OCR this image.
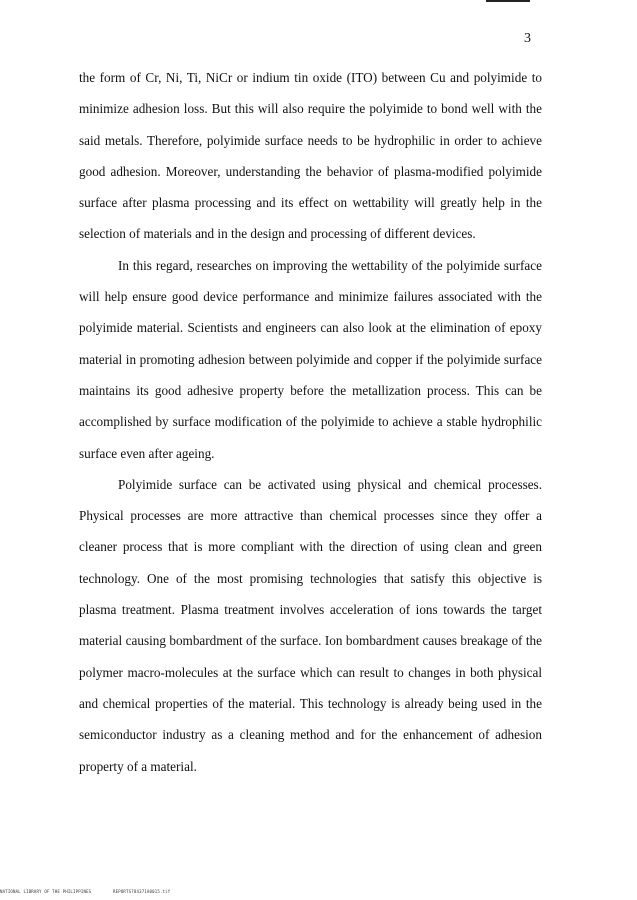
3

the form of Cr, Ni, Ti, NiCr or indium tin oxide (ITO) between Cu and polyimide to minimize adhesion loss. But this will also require the polyimide to bond well with the said metals. Therefore, polyimide surface needs to be hydrophilic in order to achieve good adhesion. Moreover, understanding the behavior of plasma-modified polyimide surface after plasma processing and its effect on wettability will greatly help in the selection of materials and in the design and processing of different devices.

In this regard, researches on improving the wettability of the polyimide surface will help ensure good device performance and minimize failures associated with the polyimide material. Scientists and engineers can also look at the elimination of epoxy material in promoting adhesion between polyimide and copper if the polyimide surface maintains its good adhesive property before the metallization process. This can be accomplished by surface modification of the polyimide to achieve a stable hydrophilic surface even after ageing.

Polyimide surface can be activated using physical and chemical processes. Physical processes are more attractive than chemical processes since they offer a cleaner process that is more compliant with the direction of using clean and green technology. One of the most promising technologies that satisfy this objective is plasma treatment. Plasma treatment involves acceleration of ions towards the target material causing bombardment of the surface. Ion bombardment causes breakage of the polymer macro-molecules at the surface which can result to changes in both physical and chemical properties of the material. This technology is already being used in the semiconductor industry as a cleaning method and for the enhancement of adhesion property of a material.

NATIONAL LIBRARY OF THE PHILIPPINES	REPORTS784371A0015.tif
